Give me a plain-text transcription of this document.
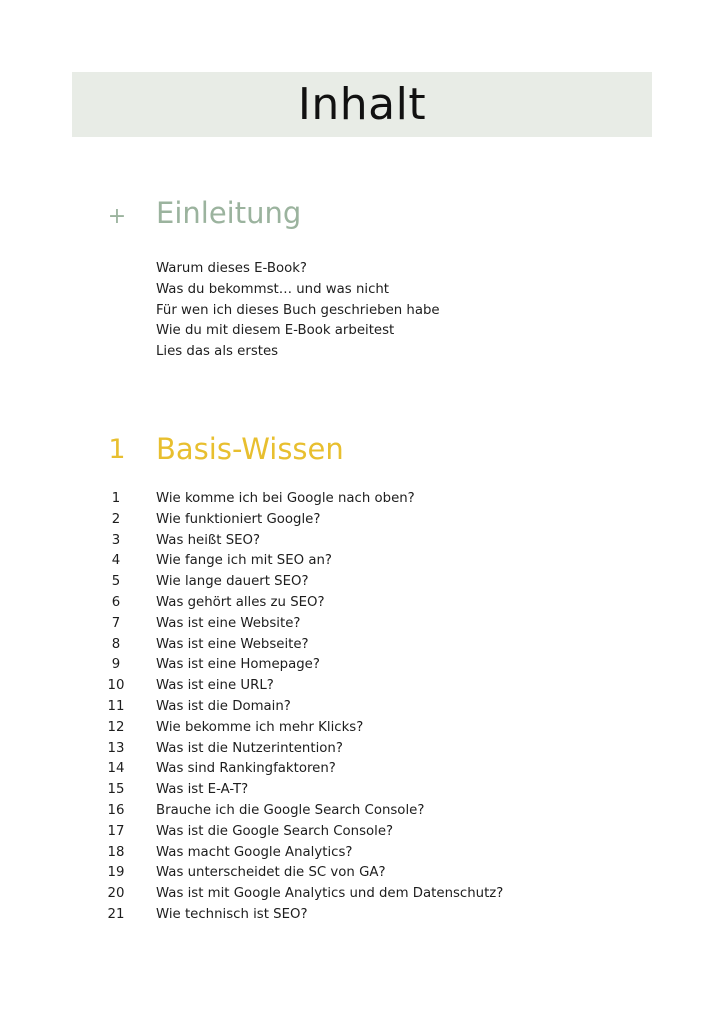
Inhalt
+ Einleitung
Warum dieses E-Book?
Was du bekommst… und was nicht
Für wen ich dieses Buch geschrieben habe
Wie du mit diesem E-Book arbeitest
Lies das als erstes
1 Basis-Wissen
1	Wie komme ich bei Google nach oben?
2	Wie funktioniert Google?
3	Was heißt SEO?
4	Wie fange ich mit SEO an?
5	Wie lange dauert SEO?
6	Was gehört alles zu SEO?
7	Was ist eine Website?
8	Was ist eine Webseite?
9	Was ist eine Homepage?
10	Was ist eine URL?
11	Was ist die Domain?
12	Wie bekomme ich mehr Klicks?
13	Was ist die Nutzerintention?
14	Was sind Rankingfaktoren?
15	Was ist E-A-T?
16	Brauche ich die Google Search Console?
17	Was ist die Google Search Console?
18	Was macht Google Analytics?
19	Was unterscheidet die SC von GA?
20	Was ist mit Google Analytics und dem Datenschutz?
21	Wie technisch ist SEO?
